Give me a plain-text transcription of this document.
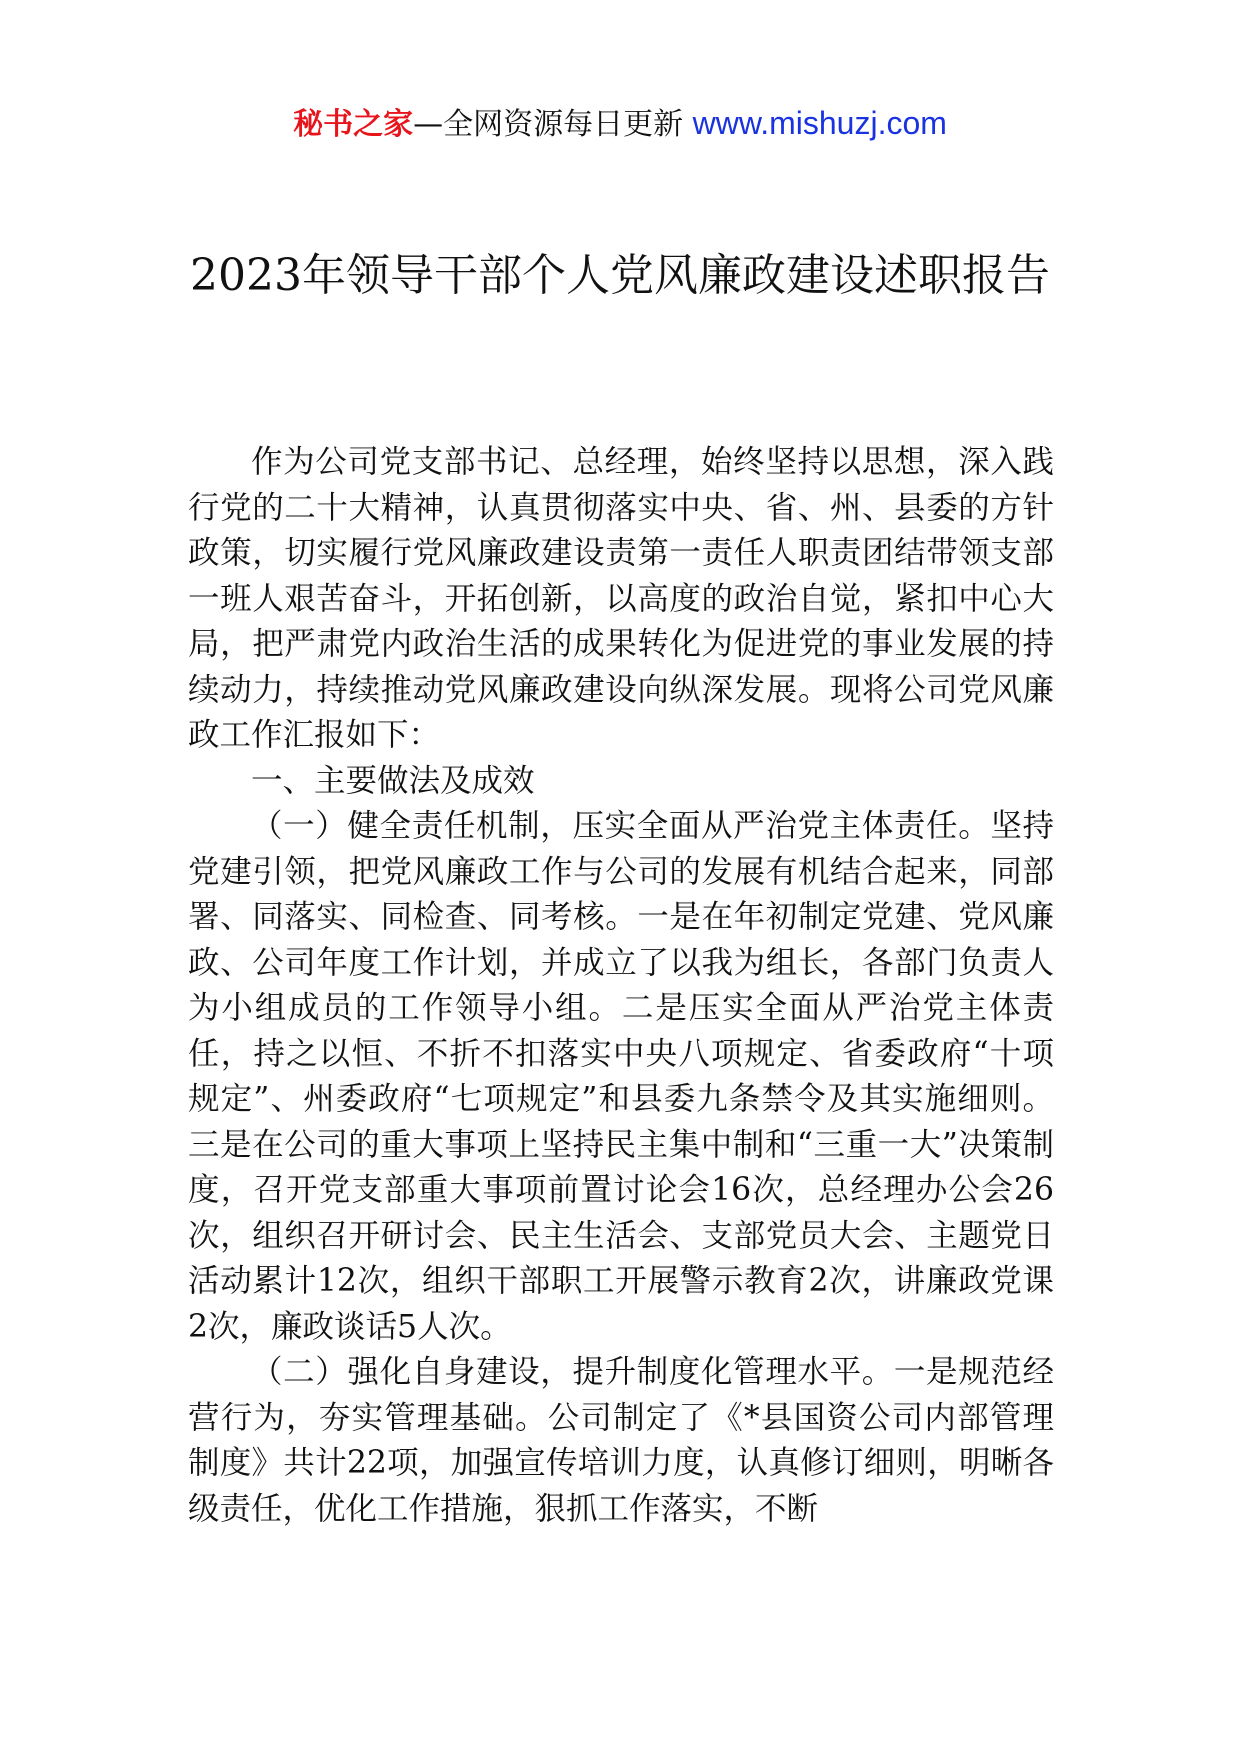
秘书之家—全网资源每日更新 www.mishuzj.com
2023年领导干部个人党风廉政建设述职报告

作为公司党支部书记、总经理，始终坚持以思想，深入践行党的二十大精神，认真贯彻落实中央、省、州、县委的方针政策，切实履行党风廉政建设责第一责任人职责团结带领支部一班人艰苦奋斗，开拓创新，以高度的政治自觉，紧扣中心大局，把严肃党内政治生活的成果转化为促进党的事业发展的持续动力，持续推动党风廉政建设向纵深发展。现将公司党风廉政工作汇报如下：

一、主要做法及成效

（一）健全责任机制，压实全面从严治党主体责任。坚持党建引领，把党风廉政工作与公司的发展有机结合起来，同部署、同落实、同检查、同考核。一是在年初制定党建、党风廉政、公司年度工作计划，并成立了以我为组长，各部门负责人为小组成员的工作领导小组。二是压实全面从严治党主体责任，持之以恒、不折不扣落实中央八项规定、省委政府“十项规定”、州委政府“七项规定”和县委九条禁令及其实施细则。三是在公司的重大事项上坚持民主集中制和“三重一大”决策制度，召开党支部重大事项前置讨论会16次，总经理办公会26次，组织召开研讨会、民主生活会、支部党员大会、主题党日活动累计12次，组织干部职工开展警示教育2次，讲廉政党课2次，廉政谈话5人次。

（二）强化自身建设，提升制度化管理水平。一是规范经营行为，夯实管理基础。公司制定了《*县国资公司内部管理制度》共计22项，加强宣传培训力度，认真修订细则，明晰各级责任，优化工作措施，狠抓工作落实，不断
